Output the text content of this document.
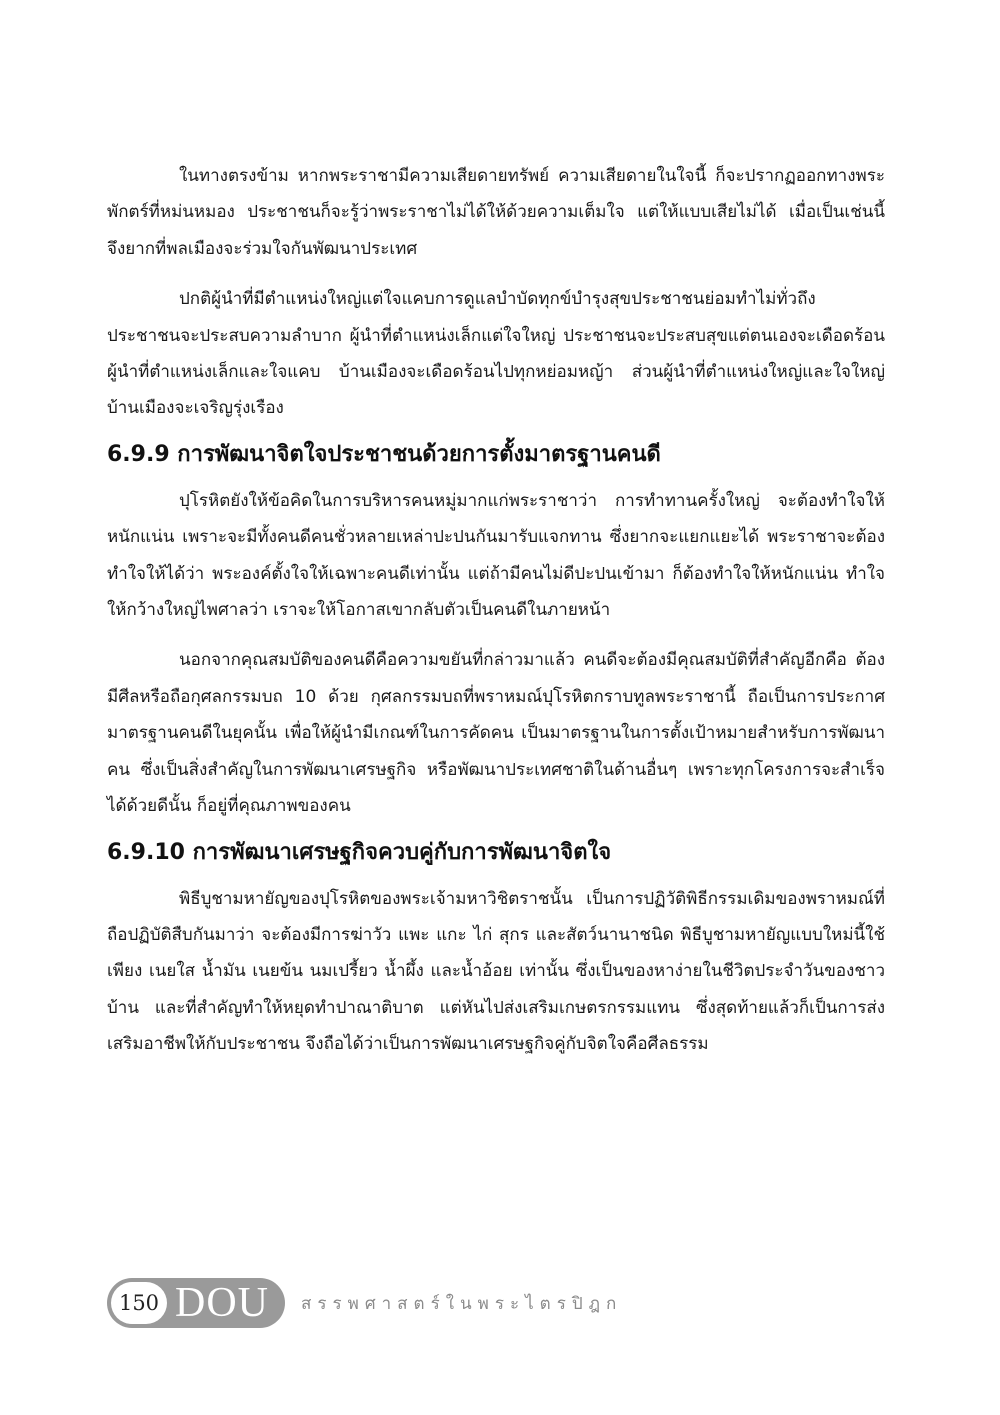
ในทางตรงข้าม หากพระราชามีความเสียดายทรัพย์ ความเสียดายในใจนี้ ก็จะปรากฏออกทางพระพักตร์ที่หม่นหมอง ประชาชนก็จะรู้ว่าพระราชาไม่ได้ให้ด้วยความเต็มใจ แต่ให้แบบเสียไม่ได้ เมื่อเป็นเช่นนี้ จึงยากที่พลเมืองจะร่วมใจกันพัฒนาประเทศ

ปกติผู้นำที่มีตำแหน่งใหญ่แต่ใจแคบการดูแลบำบัดทุกข์บำรุงสุขประชาชนย่อมทำไม่ทั่วถึง ประชาชนจะประสบความลำบาก ผู้นำที่ตำแหน่งเล็กแต่ใจใหญ่ ประชาชนจะประสบสุขแต่ตนเองจะเดือดร้อน ผู้นำที่ตำแหน่งเล็กและใจแคบ บ้านเมืองจะเดือดร้อนไปทุกหย่อมหญ้า ส่วนผู้นำที่ตำแหน่งใหญ่และใจใหญ่ บ้านเมืองจะเจริญรุ่งเรือง

6.9.9 การพัฒนาจิตใจประชาชนด้วยการตั้งมาตรฐานคนดี

ปุโรหิตยังให้ข้อคิดในการบริหารคนหมู่มากแก่พระราชาว่า การทำทานครั้งใหญ่ จะต้องทำใจให้หนักแน่น เพราะจะมีทั้งคนดีคนชั่วหลายเหล่าปะปนกันมารับแจกทาน ซึ่งยากจะแยกแยะได้ พระราชาจะต้องทำใจให้ได้ว่า พระองค์ตั้งใจให้เฉพาะคนดีเท่านั้น แต่ถ้ามีคนไม่ดีปะปนเข้ามา ก็ต้องทำใจให้หนักแน่น ทำใจให้กว้างใหญ่ไพศาลว่า เราจะให้โอกาสเขากลับตัวเป็นคนดีในภายหน้า

นอกจากคุณสมบัติของคนดีคือความขยันที่กล่าวมาแล้ว คนดีจะต้องมีคุณสมบัติที่สำคัญอีกคือ ต้องมีศีลหรือถือกุศลกรรมบถ 10 ด้วย กุศลกรรมบถที่พราหมณ์ปุโรหิตกราบทูลพระราชานี้ ถือเป็นการประกาศมาตรฐานคนดีในยุคนั้น เพื่อให้ผู้นำมีเกณฑ์ในการคัดคน เป็นมาตรฐานในการตั้งเป้าหมายสำหรับการพัฒนาคน ซึ่งเป็นสิ่งสำคัญในการพัฒนาเศรษฐกิจ หรือพัฒนาประเทศชาติในด้านอื่นๆ เพราะทุกโครงการจะสำเร็จได้ด้วยดีนั้น ก็อยู่ที่คุณภาพของคน

6.9.10 การพัฒนาเศรษฐกิจควบคู่กับการพัฒนาจิตใจ

พิธีบูชามหายัญของปุโรหิตของพระเจ้ามหาวิชิตราชนั้น เป็นการปฏิวัติพิธีกรรมเดิมของพราหมณ์ที่ถือปฏิบัติสืบกันมาว่า จะต้องมีการฆ่าวัว แพะ แกะ ไก่ สุกร และสัตว์นานาชนิด พิธีบูชามหายัญแบบใหม่นี้ใช้เพียง เนยใส น้ำมัน เนยข้น นมเปรี้ยว น้ำผึ้ง และน้ำอ้อย เท่านั้น ซึ่งเป็นของหาง่ายในชีวิตประจำวันของชาวบ้าน และที่สำคัญทำให้หยุดทำปาณาติบาต แต่หันไปส่งเสริมเกษตรกรรมแทน ซึ่งสุดท้ายแล้วก็เป็นการส่งเสริมอาชีพให้กับประชาชน จึงถือได้ว่าเป็นการพัฒนาเศรษฐกิจคู่กับจิตใจคือศีลธรรม

150 DOU สรรพศาสตร์ในพระไตรปิฎก
